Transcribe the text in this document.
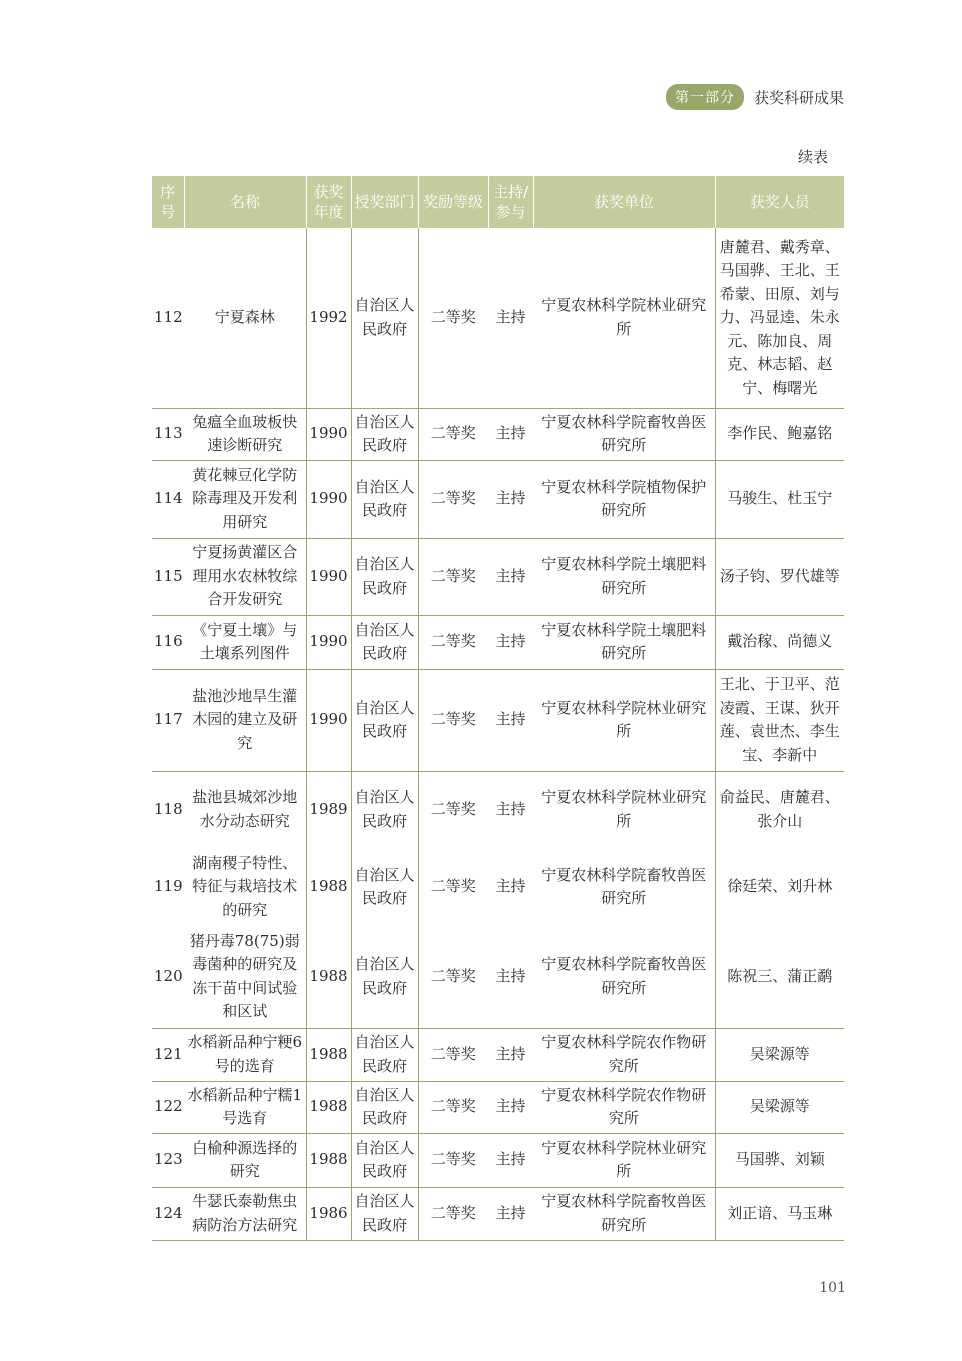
第一部分	获奖科研成果
续表
序号	名称	获奖年度	授奖部门	奖励等级	主持/参与	获奖单位	获奖人员
112	宁夏森林	1992	自治区人民政府	二等奖	主持	宁夏农林科学院林业研究所	唐麓君、戴秀章、马国骅、王北、王希蒙、田原、刘与力、冯显逵、朱永元、陈加良、周克、林志韬、赵宁、梅曙光
113	兔瘟全血玻板快速诊断研究	1990	自治区人民政府	二等奖	主持	宁夏农林科学院畜牧兽医研究所	李作民、鲍嘉铭
114	黄花棘豆化学防除毒理及开发利用研究	1990	自治区人民政府	二等奖	主持	宁夏农林科学院植物保护研究所	马骏生、杜玉宁
115	宁夏扬黄灌区合理用水农林牧综合开发研究	1990	自治区人民政府	二等奖	主持	宁夏农林科学院土壤肥料研究所	汤子钧、罗代雄等
116	《宁夏土壤》与土壤系列图件	1990	自治区人民政府	二等奖	主持	宁夏农林科学院土壤肥料研究所	戴治稼、尚德义
117	盐池沙地旱生灌木园的建立及研究	1990	自治区人民政府	二等奖	主持	宁夏农林科学院林业研究所	王北、于卫平、范凌霞、王谋、狄开莲、袁世杰、李生宝、李新中
118	盐池县城郊沙地水分动态研究	1989	自治区人民政府	二等奖	主持	宁夏农林科学院林业研究所	俞益民、唐麓君、张介山
119	湖南稷子特性、特征与栽培技术的研究	1988	自治区人民政府	二等奖	主持	宁夏农林科学院畜牧兽医研究所	徐廷荣、刘升林
120	猪丹毒78(75)弱毒菌种的研究及冻干苗中间试验和区试	1988	自治区人民政府	二等奖	主持	宁夏农林科学院畜牧兽医研究所	陈祝三、蒲正鹬
121	水稻新品种宁粳6号的选育	1988	自治区人民政府	二等奖	主持	宁夏农林科学院农作物研究所	吴梁源等
122	水稻新品种宁糯1号选育	1988	自治区人民政府	二等奖	主持	宁夏农林科学院农作物研究所	吴梁源等
123	白榆种源选择的研究	1988	自治区人民政府	二等奖	主持	宁夏农林科学院林业研究所	马国骅、刘颖
124	牛瑟氏泰勒焦虫病防治方法研究	1986	自治区人民政府	二等奖	主持	宁夏农林科学院畜牧兽医研究所	刘正谙、马玉琳
101
